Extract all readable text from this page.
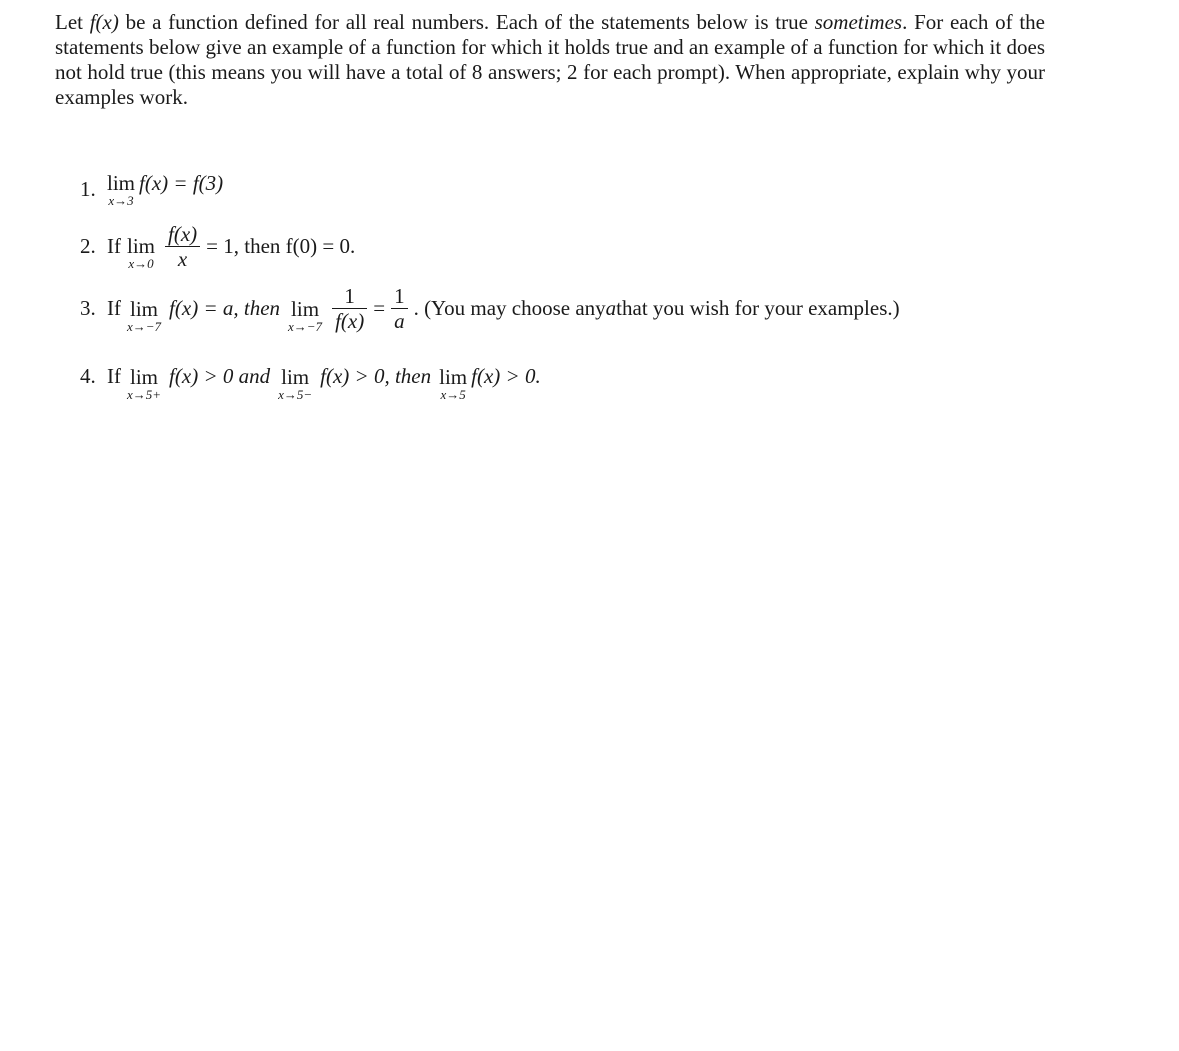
Let f(x) be a function defined for all real numbers. Each of the statements below is true sometimes. For each of the statements below give an example of a function for which it holds true and an example of a function for which it does not hold true (this means you will have a total of 8 answers; 2 for each prompt). When appropriate, explain why your examples work.
1. lim
x→3
f(x) = f(3)
2. If lim
$x\to 0 \frac{f(x)}{x} = 1$, then f(0) = 0.
3. If lim
x→−7
f(x) = a, then lim
$x\to-7 \frac{1}{f(x)} = \frac{1}{a}$ . (You may choose any a that you wish for your examples.)
4. If lim
x→5+
f(x) > 0 and lim
x→5−
f(x) > 0, then lim
x→5
f(x) > 0.
